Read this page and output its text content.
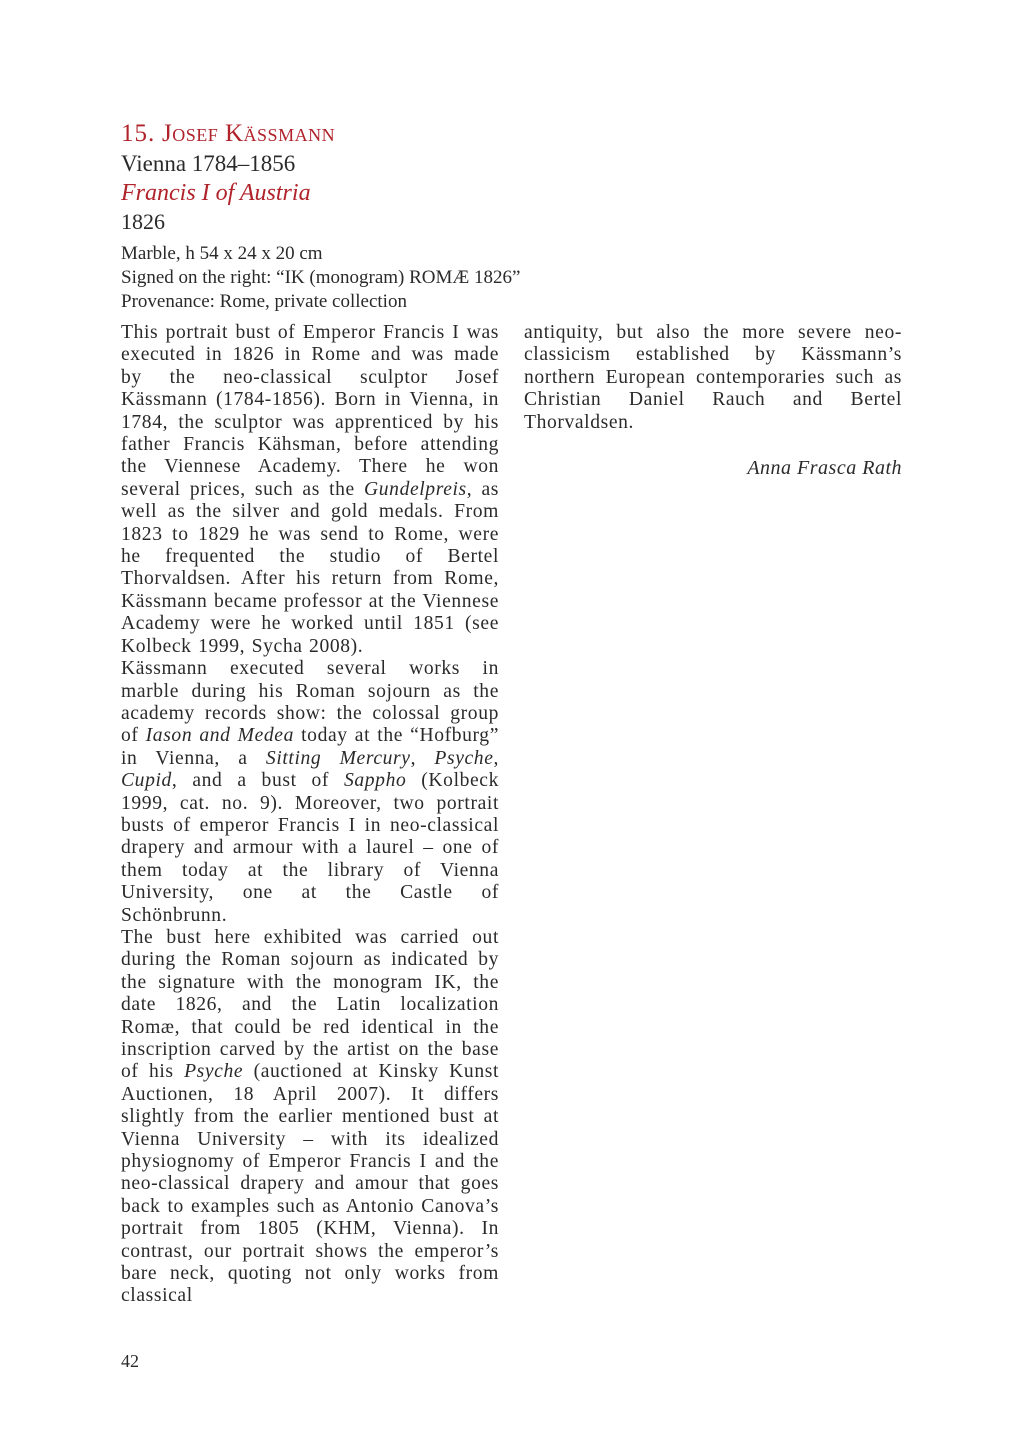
15. Josef Kässmann

Vienna 1784–1856

Francis I of Austria

1826

Marble, h 54 x 24 x 20 cm

Signed on the right: “IK (monogram) ROMÆ 1826”

Provenance: Rome, private collection

This portrait bust of Emperor Francis I was executed in 1826 in Rome and was made by the neo-classical sculptor Josef Kässmann (1784-1856). Born in Vienna, in 1784, the sculptor was apprenticed by his father Francis Kähsman, before attending the Viennese Academy. There he won several prices, such as the Gundelpreis, as well as the silver and gold medals. From 1823 to 1829 he was send to Rome, were he frequented the studio of Bertel Thorvaldsen. After his return from Rome, Kässmann became professor at the Viennese Academy were he worked until 1851 (see Kolbeck 1999, Sycha 2008).

Kässmann executed several works in marble during his Roman sojourn as the academy records show: the colossal group of Iason and Medea today at the “Hofburg” in Vienna, a Sitting Mercury, Psyche, Cupid, and a bust of Sappho (Kolbeck 1999, cat. no. 9). Moreover, two portrait busts of emperor Francis I in neo-classical drapery and armour with a laurel – one of them today at the library of Vienna University, one at the Castle of Schönbrunn.

The bust here exhibited was carried out during the Roman sojourn as indicated by the signature with the monogram IK, the date 1826, and the Latin localization Romæ, that could be red identical in the inscription carved by the artist on the base of his Psyche (auctioned at Kinsky Kunst Auctionen, 18 April 2007). It differs slightly from the earlier mentioned bust at Vienna University – with its idealized physiognomy of Emperor Francis I and the neo-classical drapery and amour that goes back to examples such as Antonio Canova’s portrait from 1805 (KHM, Vienna). In contrast, our portrait shows the emperor’s bare neck, quoting not only works from classical

antiquity, but also the more severe neo-classicism established by Kässmann’s northern European contemporaries such as Christian Daniel Rauch and Bertel Thorvaldsen.

Anna Frasca Rath
42
